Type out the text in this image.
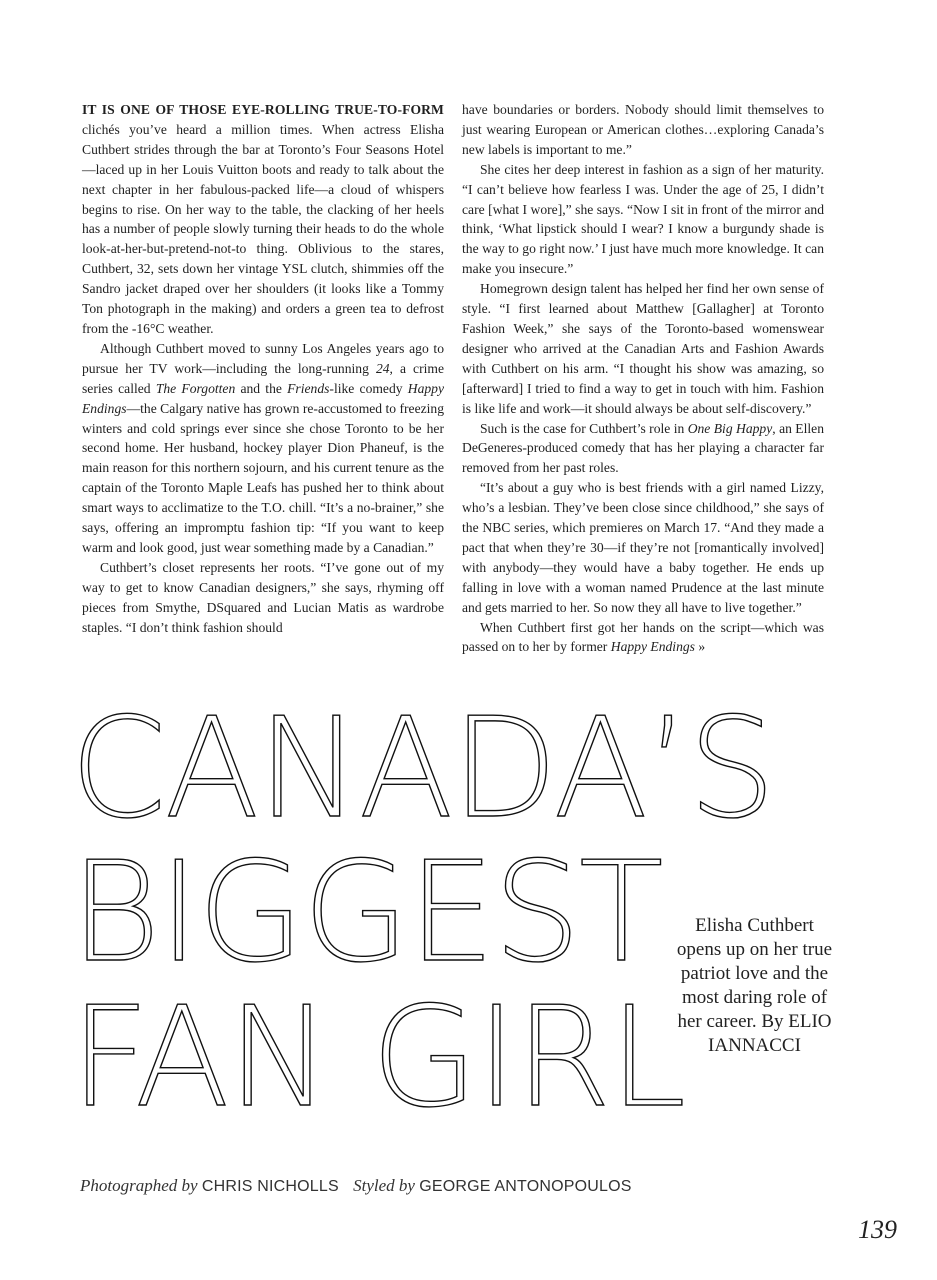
IT IS ONE OF THOSE EYE-ROLLING TRUE-TO-FORM clichés you’ve heard a million times. When actress Elisha Cuthbert strides through the bar at Toronto’s Four Seasons Hotel—laced up in her Louis Vuitton boots and ready to talk about the next chapter in her fabulous-packed life—a cloud of whispers begins to rise. On her way to the table, the clacking of her heels has a number of people slowly turning their heads to do the whole look-at-her-but-pretend-not-to thing. Oblivious to the stares, Cuthbert, 32, sets down her vintage YSL clutch, shimmies off the Sandro jacket draped over her shoulders (it looks like a Tommy Ton photograph in the making) and orders a green tea to defrost from the -16°C weather.

Although Cuthbert moved to sunny Los Angeles years ago to pursue her TV work—including the long-running 24, a crime series called The Forgotten and the Friends-like comedy Happy Endings—the Calgary native has grown re-accustomed to freezing winters and cold springs ever since she chose Toronto to be her second home. Her husband, hockey player Dion Phaneuf, is the main reason for this northern sojourn, and his current tenure as the captain of the Toronto Maple Leafs has pushed her to think about smart ways to acclimatize to the T.O. chill. “It’s a no-brainer,” she says, offering an impromptu fashion tip: “If you want to keep warm and look good, just wear something made by a Canadian.”

Cuthbert’s closet represents her roots. “I’ve gone out of my way to get to know Canadian designers,” she says, rhyming off pieces from Smythe, DSquared and Lucian Matis as wardrobe staples. “I don’t think fashion should

have boundaries or borders. Nobody should limit themselves to just wearing European or American clothes…exploring Canada’s new labels is important to me.”

She cites her deep interest in fashion as a sign of her maturity. “I can’t believe how fearless I was. Under the age of 25, I didn’t care [what I wore],” she says. “Now I sit in front of the mirror and think, ‘What lipstick should I wear? I know a burgundy shade is the way to go right now.’ I just have much more knowledge. It can make you insecure.”

Homegrown design talent has helped her find her own sense of style. “I first learned about Matthew [Gallagher] at Toronto Fashion Week,” she says of the Toronto-based womenswear designer who arrived at the Canadian Arts and Fashion Awards with Cuthbert on his arm. “I thought his show was amazing, so [afterward] I tried to find a way to get in touch with him. Fashion is like life and work—it should always be about self-discovery.”

Such is the case for Cuthbert’s role in One Big Happy, an Ellen DeGeneres-produced comedy that has her playing a character far removed from her past roles.

“It’s about a guy who is best friends with a girl named Lizzy, who’s a lesbian. They’ve been close since childhood,” she says of the NBC series, which premieres on March 17. “And they made a pact that when they’re 30—if they’re not [romantically involved] with anybody—they would have a baby together. He ends up falling in love with a woman named Prudence at the last minute and gets married to her. So now they all have to live together.”

When Cuthbert first got her hands on the script—which was passed on to her by former Happy Endings »

CANADA’S
BIGGEST
FAN GIRL
Elisha Cuthbert opens up on her true patriot love and the most daring role of her career. By ELIO IANNACCI
Photographed by CHRIS NICHOLLS Styled by GEORGE ANTONOPOULOS
139
